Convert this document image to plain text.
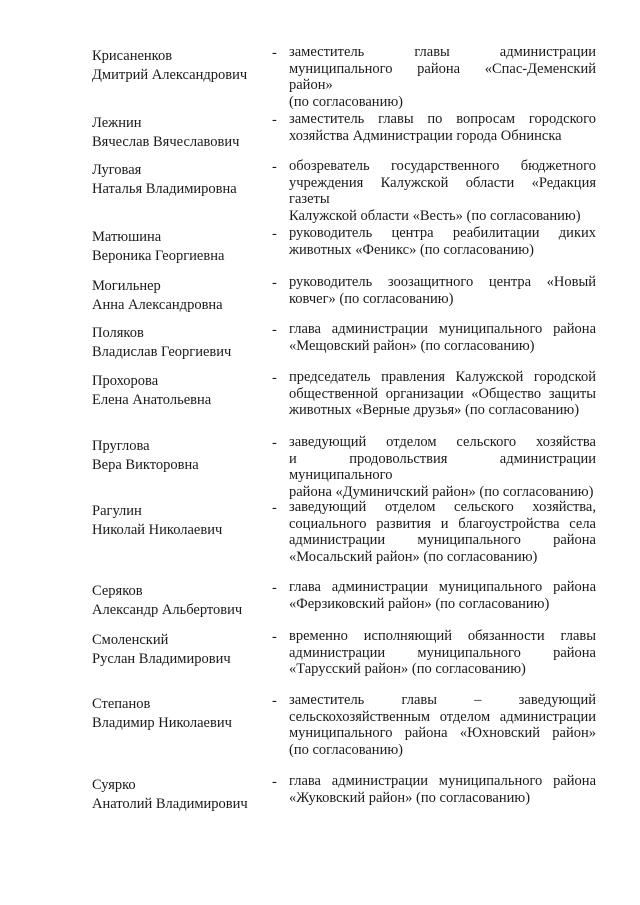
Крисаненков
Дмитрий Александрович
- заместитель главы администрации
муниципального района «Спас-Деменский район»
(по согласованию)
Лежнин
Вячеслав Вячеславович
- заместитель главы по вопросам городского
хозяйства Администрации города Обнинска
Луговая
Наталья Владимировна
- обозреватель государственного бюджетного
учреждения Калужской области «Редакция газеты
Калужской области «Весть» (по согласованию)
Матюшина
Вероника Георгиевна
- руководитель центра реабилитации диких
животных «Феникс» (по согласованию)
Могильнер
Анна Александровна
- руководитель зоозащитного центра «Новый
ковчег» (по согласованию)
Поляков
Владислав Георгиевич
- глава администрации муниципального района
«Мещовский район» (по согласованию)
Прохорова
Елена Анатольевна
- председатель правления Калужской городской
общественной организации «Общество защиты
животных «Верные друзья» (по согласованию)
Пруглова
Вера Викторовна
- заведующий отделом сельского хозяйства
и продовольствия администрации муниципального
района «Думиничский район» (по согласованию)
Рагулин
Николай Николаевич
- заведующий отделом сельского хозяйства,
социального развития и благоустройства села
администрации муниципального района
«Мосальский район» (по согласованию)
Серяков
Александр Альбертович
- глава администрации муниципального района
«Ферзиковский район» (по согласованию)
Смоленский
Руслан Владимирович
- временно исполняющий обязанности главы
администрации муниципального района
«Тарусский район» (по согласованию)
Степанов
Владимир Николаевич
- заместитель главы – заведующий
сельскохозяйственным отделом администрации
муниципального района «Юхновский район»
(по согласованию)
Суярко
Анатолий Владимирович
- глава администрации муниципального района
«Жуковский район» (по согласованию)
